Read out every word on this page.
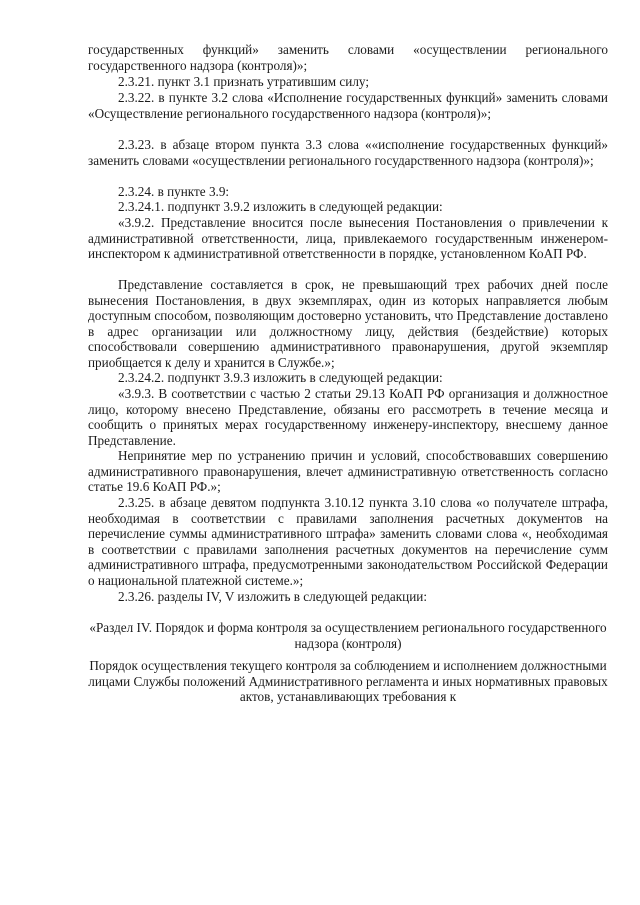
государственных функций» заменить словами «осуществлении регионального государственного надзора (контроля)»;

2.3.21. пункт 3.1 признать утратившим силу;

2.3.22. в пункте 3.2 слова «Исполнение государственных функций» заменить словами «Осуществление регионального государственного надзора (контроля)»;

2.3.23. в абзаце втором пункта 3.3 слова ««исполнение государственных функций» заменить словами «осуществлении регионального государственного надзора (контроля)»;

2.3.24. в пункте 3.9:

2.3.24.1. подпункт 3.9.2 изложить в следующей редакции:

«3.9.2. Представление вносится после вынесения Постановления о привлечении к административной ответственности, лица, привлекаемого государственным инженером-инспектором к административной ответственности в порядке, установленном КоАП РФ.

Представление составляется в срок, не превышающий трех рабочих дней после вынесения Постановления, в двух экземплярах, один из которых направляется любым доступным способом, позволяющим достоверно установить, что Представление доставлено в адрес организации или должностному лицу, действия (бездействие) которых способствовали совершению административного правонарушения, другой экземпляр приобщается к делу и хранится в Службе.»;

2.3.24.2. подпункт 3.9.3 изложить в следующей редакции:

«3.9.3. В соответствии с частью 2 статьи 29.13 КоАП РФ организация и должностное лицо, которому внесено Представление, обязаны его рассмотреть в течение месяца и сообщить о принятых мерах государственному инженеру-инспектору, внесшему данное Представление.

Непринятие мер по устранению причин и условий, способствовавших совершению административного правонарушения, влечет административную ответственность согласно статье 19.6 КоАП РФ.»;

2.3.25. в абзаце девятом подпункта 3.10.12 пункта 3.10 слова «о получателе штрафа, необходимая в соответствии с правилами заполнения расчетных документов на перечисление суммы административного штрафа» заменить словами слова «, необходимая в соответствии с правилами заполнения расчетных документов на перечисление сумм административного штрафа, предусмотренными законодательством Российской Федерации о национальной платежной системе.»;

2.3.26. разделы IV, V изложить в следующей редакции:

«Раздел IV. Порядок и форма контроля за осуществлением регионального государственного надзора (контроля)

Порядок осуществления текущего контроля за соблюдением и исполнением должностными лицами Службы положений Административного регламента и иных нормативных правовых актов, устанавливающих требования к
